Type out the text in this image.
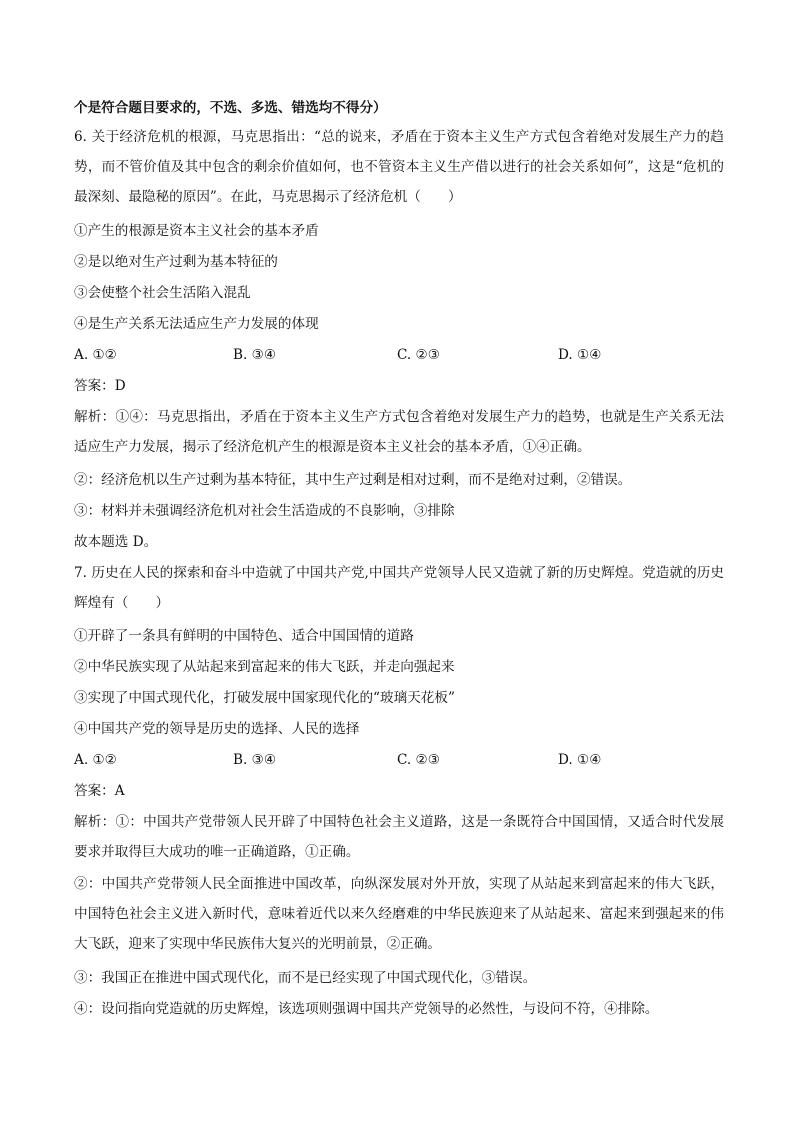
个是符合题目要求的，不选、多选、错选均不得分）
6. 关于经济危机的根源，马克思指出：“总的说来，矛盾在于资本主义生产方式包含着绝对发展生产力的趋势，而不管价值及其中包含的剩余价值如何，也不管资本主义生产借以进行的社会关系如何”，这是“危机的最深刻、最隐秘的原因”。在此，马克思揭示了经济危机（　　）
①产生的根源是资本主义社会的基本矛盾
②是以绝对生产过剩为基本特征的
③会使整个社会生活陷入混乱
④是生产关系无法适应生产力发展的体现
A. ①②	B. ③④	C. ②③	D. ①④
答案：D
解析：①④：马克思指出，矛盾在于资本主义生产方式包含着绝对发展生产力的趋势，也就是生产关系无法适应生产力发展，揭示了经济危机产生的根源是资本主义社会的基本矛盾，①④正确。
②：经济危机以生产过剩为基本特征，其中生产过剩是相对过剩，而不是绝对过剩，②错误。
③：材料并未强调经济危机对社会生活造成的不良影响，③排除
故本题选 D。
7. 历史在人民的探索和奋斗中造就了中国共产党,中国共产党领导人民又造就了新的历史辉煌。党造就的历史辉煌有（　　）
①开辟了一条具有鲜明的中国特色、适合中国国情的道路
②中华民族实现了从站起来到富起来的伟大飞跃，并走向强起来
③实现了中国式现代化，打破发展中国家现代化的“玻璃天花板”
④中国共产党的领导是历史的选择、人民的选择
A. ①②	B. ③④	C. ②③	D. ①④
答案：A
解析：①：中国共产党带领人民开辟了中国特色社会主义道路，这是一条既符合中国国情，又适合时代发展要求并取得巨大成功的唯一正确道路，①正确。
②：中国共产党带领人民全面推进中国改革，向纵深发展对外开放，实现了从站起来到富起来的伟大飞跃，中国特色社会主义进入新时代，意味着近代以来久经磨难的中华民族迎来了从站起来、富起来到强起来的伟大飞跃，迎来了实现中华民族伟大复兴的光明前景，②正确。
③：我国正在推进中国式现代化，而不是已经实现了中国式现代化，③错误。
④：设问指向党造就的历史辉煌，该选项则强调中国共产党领导的必然性，与设问不符，④排除。
